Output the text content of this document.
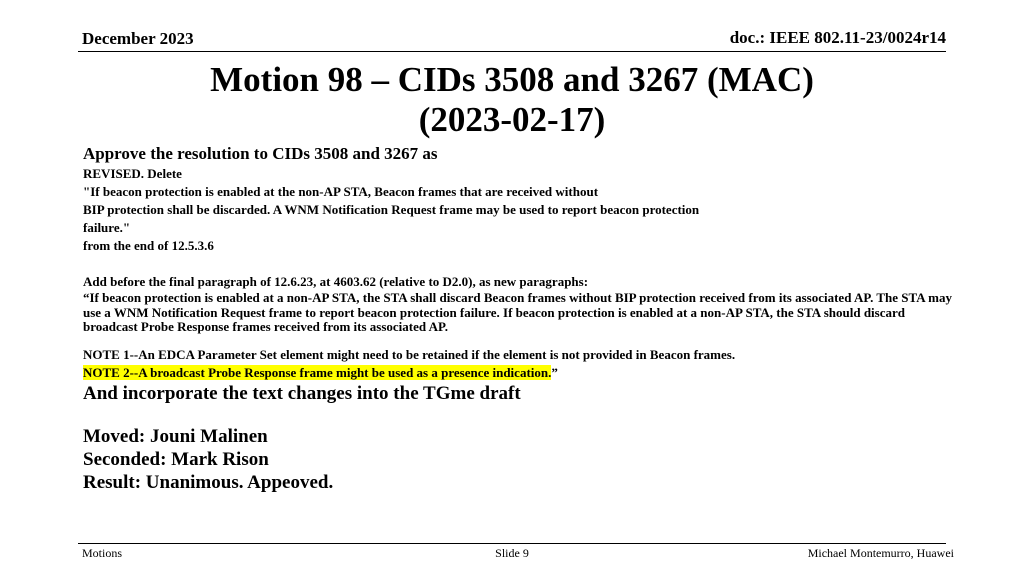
December 2023	doc.: IEEE 802.11-23/0024r14
Motion 98 – CIDs 3508 and 3267 (MAC)
(2023-02-17)
Approve the resolution to CIDs 3508 and 3267 as
REVISED. Delete
"If beacon protection is enabled at the non-AP STA, Beacon frames that are received without
BIP protection shall be discarded. A WNM Notification Request frame may be used to report beacon protection
failure."
from the end of 12.5.3.6
Add before the final paragraph of 12.6.23, at 4603.62 (relative to D2.0), as new paragraphs:
“If beacon protection is enabled at a non-AP STA, the STA shall discard Beacon frames without BIP protection received from its associated AP. The STA may use a WNM Notification Request frame to report beacon protection failure. If beacon protection is enabled at a non-AP STA, the STA should discard broadcast Probe Response frames received from its associated AP.
NOTE 1--An EDCA Parameter Set element might need to be retained if the element is not provided in Beacon frames.
NOTE 2--A broadcast Probe Response frame might be used as a presence indication.”
And incorporate the text changes into the TGme draft
Moved: Jouni Malinen
Seconded: Mark Rison
Result: Unanimous. Appeoved.
Motions	Slide 9	Michael Montemurro, Huawei
